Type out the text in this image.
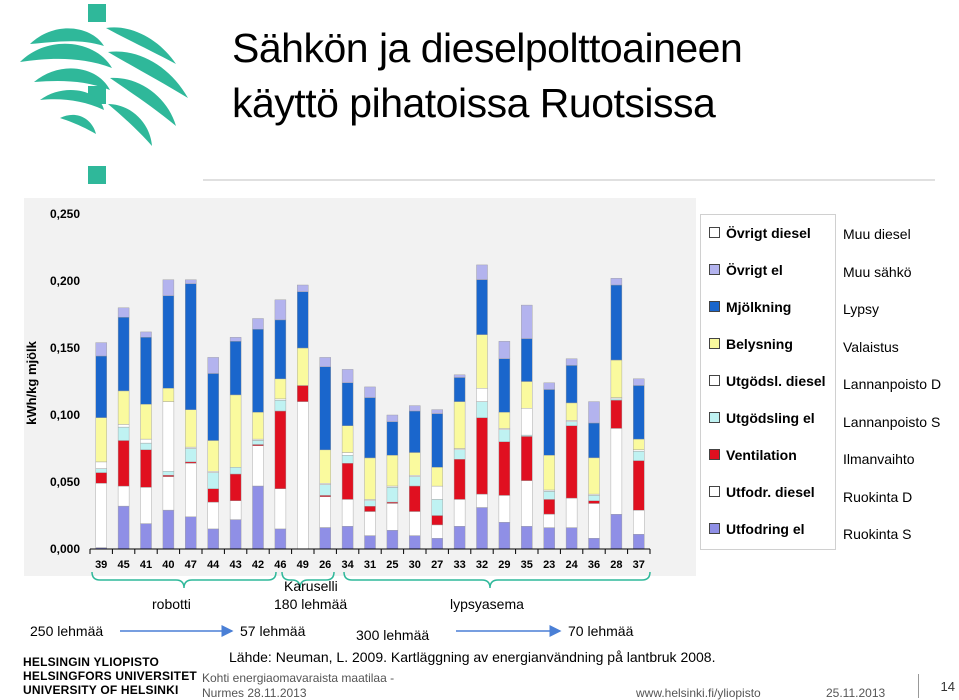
Sähkön ja dieselpolttoaineen
käyttö pihatoissa Ruotsissa
kWh/kg mjölk
0,000
0,050
0,100
0,150
0,200
0,250
39 45 41 40 47 44 43 42 46 49 26 34 31 25 30 27 33 32 29 35 23 24 36 28 37
Övrigt diesel
Övrigt el
Mjölkning
Belysning
Utgödsl. diesel
Utgödsling el
Ventilation
Utfodr. diesel
Utfodring el
Muu diesel
Muu sähkö
Lypsy
Valaistus
Lannanpoisto D
Lannanpoisto S
Ilmanvaihto
Ruokinta D
Ruokinta S
robotti
Karuselli
180 lehmää	lypsyasema
250 lehmää	57 lehmää	300 lehmää	70 lehmää
Lähde: Neuman, L. 2009. Kartläggning av energianvändning på lantbruk 2008.
HELSINGIN YLIOPISTO
HELSINGFORS UNIVERSITET
UNIVERSITY OF HELSINKI
Kohti energiaomavaraista maatilaa -
Nurmes 28.11.2013	www.helsinki.fi/yliopisto	25.11.2013	14
